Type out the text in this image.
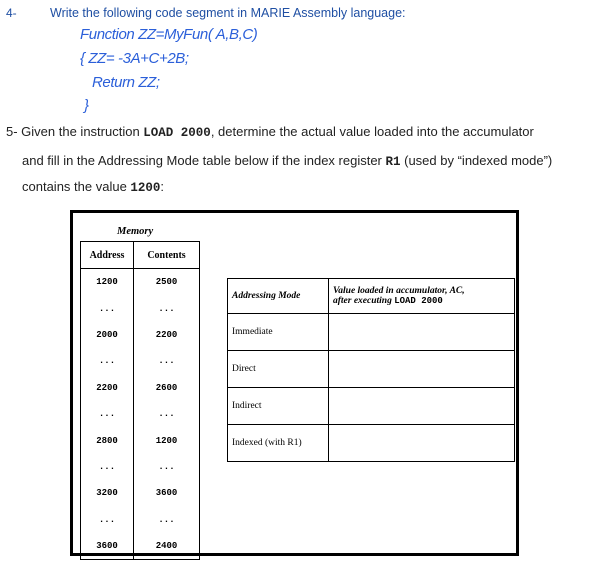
4-	Write the following code segment in MARIE Assembly language:
Function ZZ=MyFun( A,B,C)
{ ZZ= -3A+C+2B;
Return ZZ;
}
5- Given the instruction LOAD 2000, determine the actual value loaded into the accumulator
and fill in the Addressing Mode table below if the index register R1 (used by “indexed mode”)
contains the value 1200:
Memory
Address	Contents
1200	2500
...	...
2000	2200
...	...
2200	2600
...	...
2800	1200
...	...
3200	3600
...	...
3600	2400
Addressing Mode	Value loaded in accumulator, AC,
after executing LOAD 2000

Immediate	
Direct	
Indirect	
Indexed (with R1)	
